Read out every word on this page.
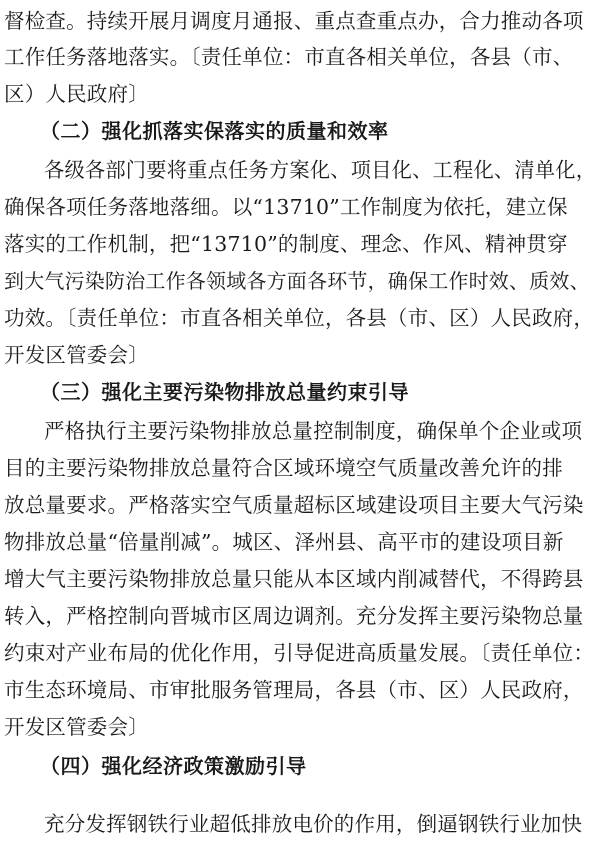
督检查。持续开展月调度月通报、重点查重点办，合力推动各项
工作任务落地落实。〔责任单位：市直各相关单位，各县（市、
区）人民政府〕
（二）强化抓落实保落实的质量和效率
各级各部门要将重点任务方案化、项目化、工程化、清单化，
确保各项任务落地落细。以“13710”工作制度为依托，建立保
落实的工作机制，把“13710”的制度、理念、作风、精神贯穿
到大气污染防治工作各领域各方面各环节，确保工作时效、质效、
功效。〔责任单位：市直各相关单位，各县（市、区）人民政府，
开发区管委会〕
（三）强化主要污染物排放总量约束引导
严格执行主要污染物排放总量控制制度，确保单个企业或项
目的主要污染物排放总量符合区域环境空气质量改善允许的排
放总量要求。严格落实空气质量超标区域建设项目主要大气污染
物排放总量“倍量削减”。城区、泽州县、高平市的建设项目新
增大气主要污染物排放总量只能从本区域内削减替代，不得跨县
转入，严格控制向晋城市区周边调剂。充分发挥主要污染物总量
约束对产业布局的优化作用，引导促进高质量发展。〔责任单位：
市生态环境局、市审批服务管理局，各县（市、区）人民政府，
开发区管委会〕
（四）强化经济政策激励引导
充分发挥钢铁行业超低排放电价的作用，倒逼钢铁行业加快
